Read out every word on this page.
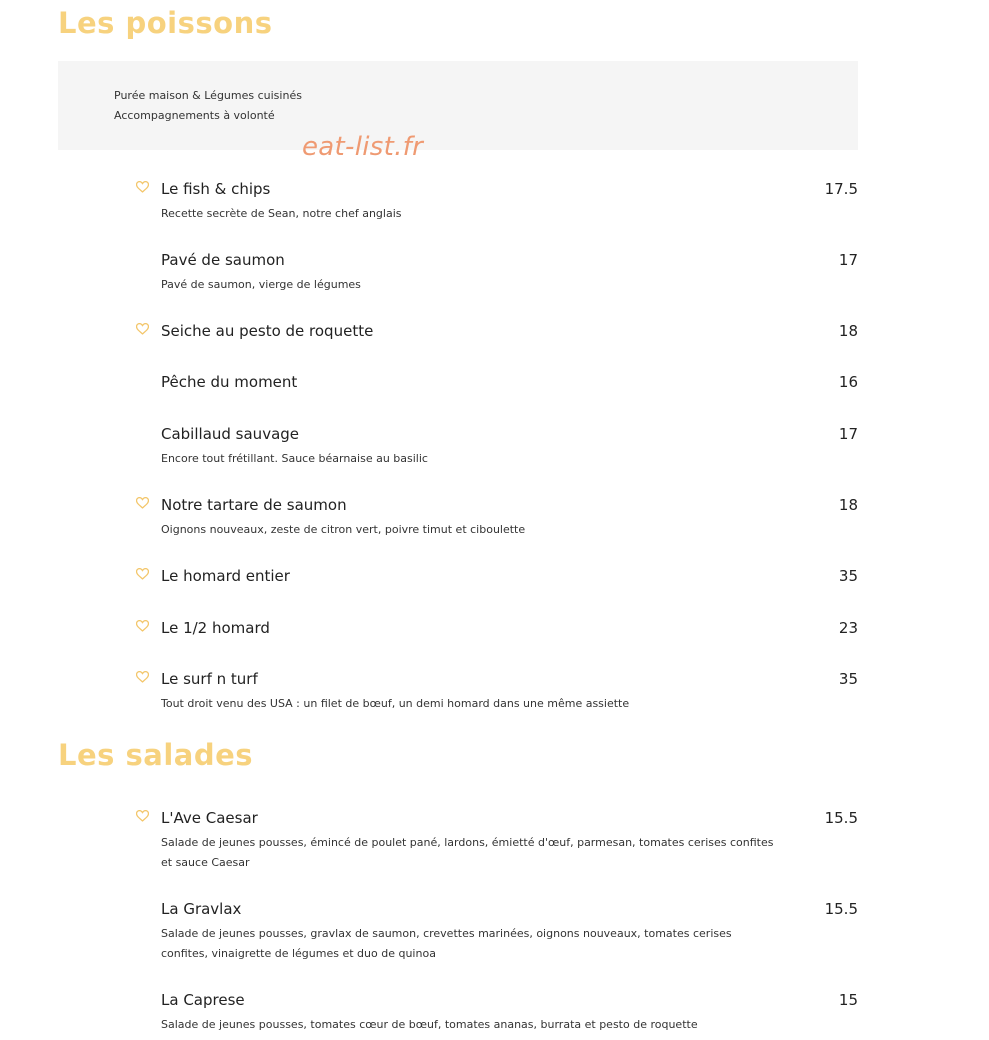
Les poissons
Purée maison & Légumes cuisinés
Accompagnements à volonté
eat-list.fr
Le fish & chips	17.5
Recette secrète de Sean, notre chef anglais
Pavé de saumon	17
Pavé de saumon, vierge de légumes
Seiche au pesto de roquette	18
Pêche du moment	16
Cabillaud sauvage	17
Encore tout frétillant. Sauce béarnaise au basilic
Notre tartare de saumon	18
Oignons nouveaux, zeste de citron vert, poivre timut et ciboulette
Le homard entier	35
Le 1/2 homard	23
Le surf n turf	35
Tout droit venu des USA : un filet de bœuf, un demi homard dans une même assiette
Les salades
L'Ave Caesar	15.5
Salade de jeunes pousses, émincé de poulet pané, lardons, émietté d'œuf, parmesan, tomates cerises confites et sauce Caesar
La Gravlax	15.5
Salade de jeunes pousses, gravlax de saumon, crevettes marinées, oignons nouveaux, tomates cerises confites, vinaigrette de légumes et duo de quinoa
La Caprese	15
Salade de jeunes pousses, tomates cœur de bœuf, tomates ananas, burrata et pesto de roquette
